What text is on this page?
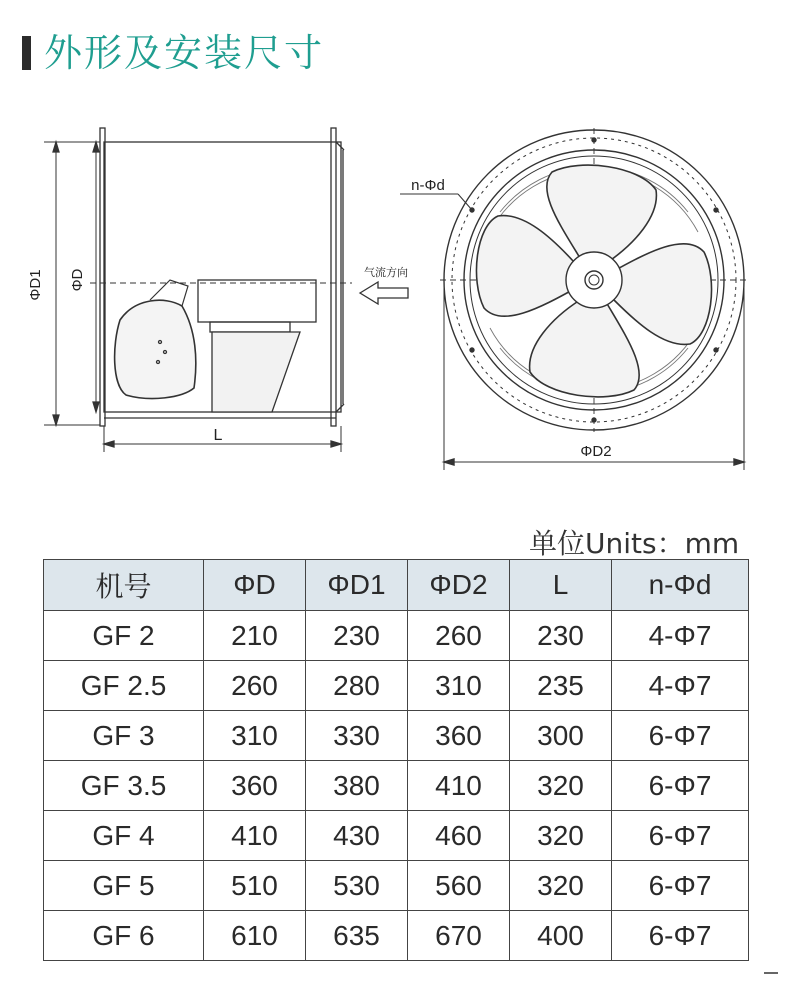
外形及安装尺寸
ΦD1 ΦD
L
气流方向
n-Φd
ΦD2
单位Units：mm
机号	ΦD	ΦD1	ΦD2	L	n-Φd
GF 2	210	230	260	230	4-Φ7
GF 2.5	260	280	310	235	4-Φ7
GF 3	310	330	360	300	6-Φ7
GF 3.5	360	380	410	320	6-Φ7
GF 4	410	430	460	320	6-Φ7
GF 5	510	530	560	320	6-Φ7
GF 6	610	635	670	400	6-Φ7
